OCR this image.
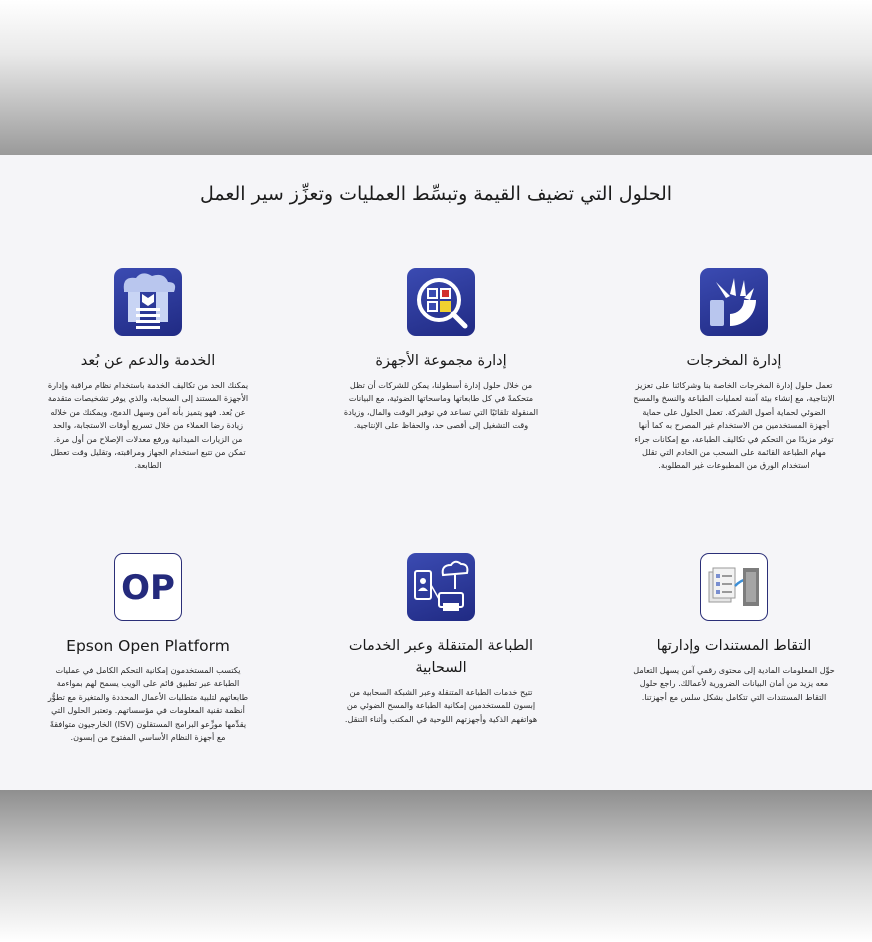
الحلول التي تضيف القيمة وتبسِّط العمليات وتعزِّز سير العمل
الخدمة والدعم عن بُعد
يمكنك الحد من تكاليف الخدمة باستخدام نظام مراقبة وإدارة الأجهزة المستند إلى السحابة، والذي يوفر تشخيصات متقدمة عن بُعد. فهو يتميز بأنه آمن وسهل الدمج، ويمكنك من خلاله زيادة رضا العملاء من خلال تسريع أوقات الاستجابة، والحد من الزيارات الميدانية ورفع معدلات الإصلاح من أول مرة. تمكن من تتبع استخدام الجهاز ومراقبته، وتقليل وقت تعطل الطابعة.
إدارة مجموعة الأجهزة
من خلال حلول إدارة أسطولنا، يمكن للشركات أن تظل متحكمةً في كل طابعاتها وماسحاتها الضوئية، مع البيانات المنقولة تلقائيًا التي تساعد في توفير الوقت والمال، وزيادة وقت التشغيل إلى أقصى حد، والحفاظ على الإنتاجية.
إدارة المخرجات
تعمل حلول إدارة المخرجات الخاصة بنا وشركائنا على تعزيز الإنتاجية، مع إنشاء بيئة آمنة لعمليات الطباعة والنسخ والمسح الضوئي لحماية أصول الشركة. تعمل الحلول على حماية أجهزة المستخدمين من الاستخدام غير المصرح به كما أنها توفر مزيدًا من التحكم في تكاليف الطباعة، مع إمكانات جراء مهام الطباعة القائمة على السحب من الخادم التي تقلل استخدام الورق من المطبوعات غير المطلوبة.
OP
Epson Open Platform
يكتسب المستخدمون إمكانية التحكم الكامل في عمليات الطباعة عبر تطبيق قائم على الويب يسمح لهم بمواءمة طابعاتهم لتلبية متطلبات الأعمال المحددة والمتغيرة مع تطوُّر أنظمة تقنية المعلومات في مؤسساتهم. وتعتبر الحلول التي يقدِّمها موزِّعو البرامج المستقلون (ISV) الخارجيون متوافقةً مع أجهزة النظام الأساسي المفتوح من إبسون.
الطباعة المتنقلة وعبر الخدمات السحابية
تتيح خدمات الطباعة المتنقلة وعبر الشبكة السحابية من إبسون للمستخدمين إمكانية الطباعة والمسح الضوئي من هواتفهم الذكية وأجهزتهم اللوحية في المكتب وأثناء التنقل.
التقاط المستندات وإدارتها
حوِّل المعلومات المادية إلى محتوى رقمي آمن يسهل التعامل معه يزيد من أمان البيانات الضرورية لأعمالك. راجع حلول التقاط المستندات التي تتكامل بشكل سلس مع أجهزتنا.
